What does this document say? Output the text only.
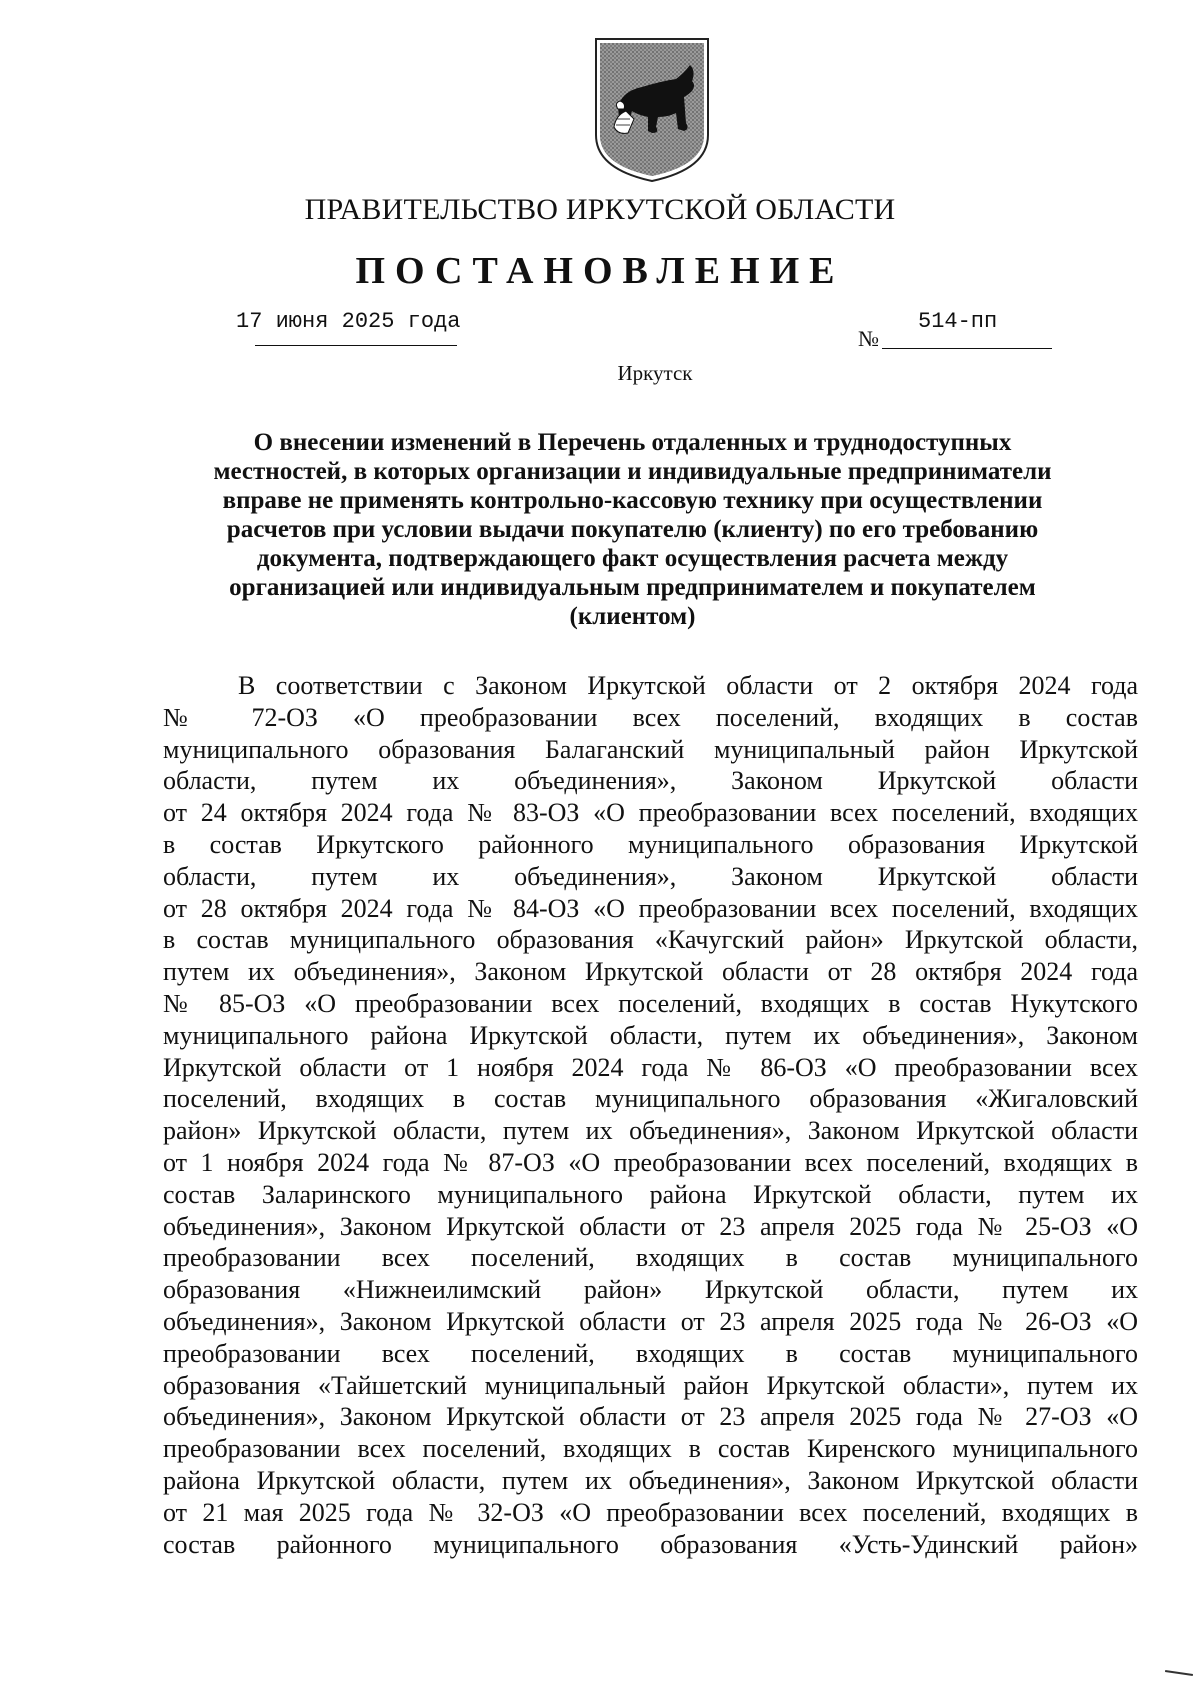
ПРАВИТЕЛЬСТВО ИРКУТСКОЙ ОБЛАСТИ
ПОСТАНОВЛЕНИЕ
17 июня 2025 года
№
514-пп
Иркутск
О внесении изменений в Перечень отдаленных и труднодоступных
местностей, в которых организации и индивидуальные предприниматели
вправе не применять контрольно-кассовую технику при осуществлении
расчетов при условии выдачи покупателю (клиенту) по его требованию
документа, подтверждающего факт осуществления расчета между
организацией или индивидуальным предпринимателем и покупателем
(клиентом)
В соответствии с Законом Иркутской области от 2 октября 2024 года
№ 72-ОЗ «О преобразовании всех поселений, входящих в состав
муниципального образования Балаганский муниципальный район Иркутской
области, путем их объединения», Законом Иркутской области
от 24 октября 2024 года № 83-ОЗ «О преобразовании всех поселений, входящих
в состав Иркутского районного муниципального образования Иркутской
области, путем их объединения», Законом Иркутской области
от 28 октября 2024 года № 84-ОЗ «О преобразовании всех поселений, входящих
в состав муниципального образования «Качугский район» Иркутской области,
путем их объединения», Законом Иркутской области от 28 октября 2024 года
№ 85-ОЗ «О преобразовании всех поселений, входящих в состав Нукутского
муниципального района Иркутской области, путем их объединения», Законом
Иркутской области от 1 ноября 2024 года № 86-ОЗ «О преобразовании всех
поселений, входящих в состав муниципального образования «Жигаловский
район» Иркутской области, путем их объединения», Законом Иркутской области
от 1 ноября 2024 года № 87-ОЗ «О преобразовании всех поселений, входящих в
состав Заларинского муниципального района Иркутской области, путем их
объединения», Законом Иркутской области от 23 апреля 2025 года № 25-ОЗ «О
преобразовании всех поселений, входящих в состав муниципального
образования «Нижнеилимский район» Иркутской области, путем их
объединения», Законом Иркутской области от 23 апреля 2025 года № 26-ОЗ «О
преобразовании всех поселений, входящих в состав муниципального
образования «Тайшетский муниципальный район Иркутской области», путем их
объединения», Законом Иркутской области от 23 апреля 2025 года № 27-ОЗ «О
преобразовании всех поселений, входящих в состав Киренского муниципального
района Иркутской области, путем их объединения», Законом Иркутской области
от 21 мая 2025 года № 32-ОЗ «О преобразовании всех поселений, входящих в
состав районного муниципального образования «Усть-Удинский район»
